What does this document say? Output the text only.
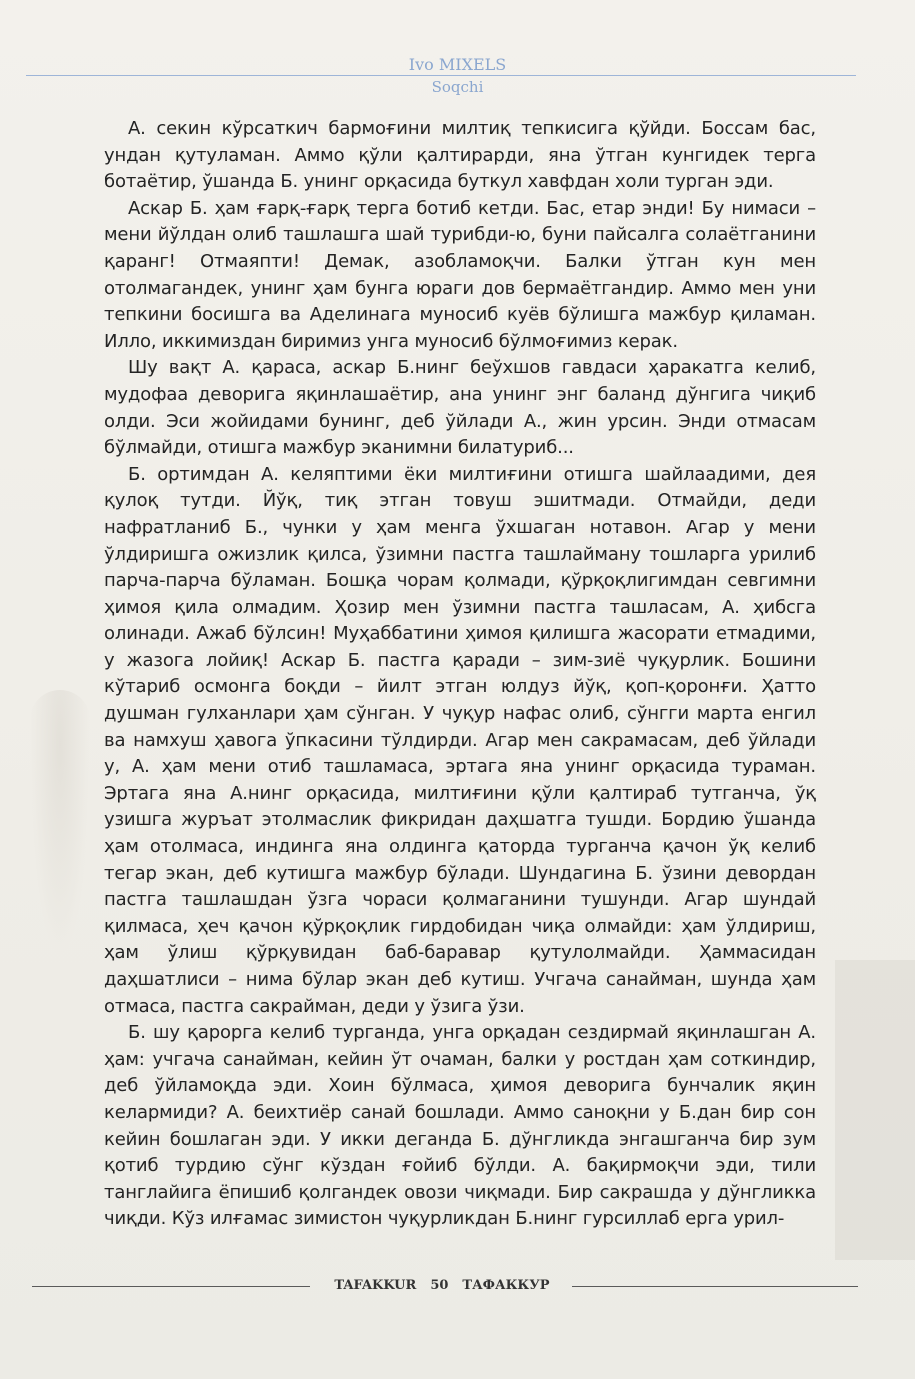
Ivo MIXELS
Soqchi

А. секин кўрсаткич бармоғини милтиқ тепкисига қўйди. Боссам бас, ундан қутуламан. Аммо қўли қалтирарди, яна ўтган кунгидек терга ботаётир, ўшанда Б. унинг орқасида буткул хавфдан холи турган эди.

Аскар Б. ҳам ғарқ-ғарқ терга ботиб кетди. Бас, етар энди! Бу нимаси – мени йўлдан олиб ташлашга шай турибди-ю, буни пайсалга солаётганини қаранг! Отмаяпти! Демак, азобламоқчи. Балки ўтган кун мен отолмагандек, унинг ҳам бунга юраги дов бермаётгандир. Аммо мен уни тепкини босишга ва Аделинага муносиб куёв бўлишга мажбур қиламан. Илло, иккимиздан биримиз унга муносиб бўлмоғимиз керак.

Шу вақт А. қараса, аскар Б.нинг беўхшов гавдаси ҳаракатга келиб, мудофаа деворига яқинлашаётир, ана унинг энг баланд дўнгига чиқиб олди. Эси жойидами бунинг, деб ўйлади А., жин урсин. Энди отмасам бўлмайди, отишга мажбур эканимни билатуриб...

Б. ортимдан А. келяптими ёки милтиғини отишга шайлаадими, дея қулоқ тутди. Йўқ, тиқ этган товуш эшитмади. Отмайди, деди нафратланиб Б., чунки у ҳам менга ўхшаган нотавон. Агар у мени ўлдиришга ожизлик қилса, ўзимни пастга ташлайману тошларга урилиб парча-парча бўламан. Бошқа чорам қолмади, қўрқоқлигимдан севгимни ҳимоя қила олмадим. Ҳозир мен ўзимни пастга ташласам, А. ҳибсга олинади. Ажаб бўлсин! Муҳаббатини ҳимоя қилишга жасорати етмадими, у жазога лойиқ! Аскар Б. пастга қаради – зим-зиё чуқурлик. Бошини кўтариб осмонга боқди – йилт этган юлдуз йўқ, қоп-қоронғи. Ҳатто душман гулханлари ҳам сўнган. У чуқур нафас олиб, сўнгги марта енгил ва намхуш ҳавога ўпкасини тўлдирди. Агар мен сакрамасам, деб ўйлади у, А. ҳам мени отиб ташламаса, эртага яна унинг орқасида тураман. Эртага яна А.нинг орқасида, милтиғини қўли қалтираб тутганча, ўқ узишга журъат этолмаслик фикридан даҳшатга тушди. Бордию ўшанда ҳам отолмаса, индинга яна олдинга қаторда турганча қачон ўқ келиб тегар экан, деб кутишга мажбур бўлади. Шундагина Б. ўзини девордан пастга ташлашдан ўзга чораси қолмаганини тушунди. Агар шундай қилмаса, ҳеч қачон қўрқоқлик гирдобидан чиқа олмайди: ҳам ўлдириш, ҳам ўлиш қўрқувидан баб-баравар қутулолмайди. Ҳаммасидан даҳшатлиси – нима бўлар экан деб кутиш. Учгача санайман, шунда ҳам отмаса, пастга сакрайман, деди у ўзига ўзи.

Б. шу қарорга келиб турганда, унга орқадан сездирмай яқинлашган А. ҳам: учгача санайман, кейин ўт очаман, балки у ростдан ҳам соткиндир, деб ўйламоқда эди. Хоин бўлмаса, ҳимоя деворига бунчалик яқин келармиди? А. беихтиёр санай бошлади. Аммо саноқни у Б.дан бир сон кейин бошлаган эди. У икки деганда Б. дўнгликда энгашганча бир зум қотиб турдию сўнг кўздан ғойиб бўлди. А. бақирмоқчи эди, тили танглайига ёпишиб қолгандек овози чиқмади. Бир сакрашда у дўнгликка чиқди. Кўз илғамас зимистон чуқурликдан Б.нинг гурсиллаб ерга урил-

TAFAKKUR 50 ТАФАККУР
